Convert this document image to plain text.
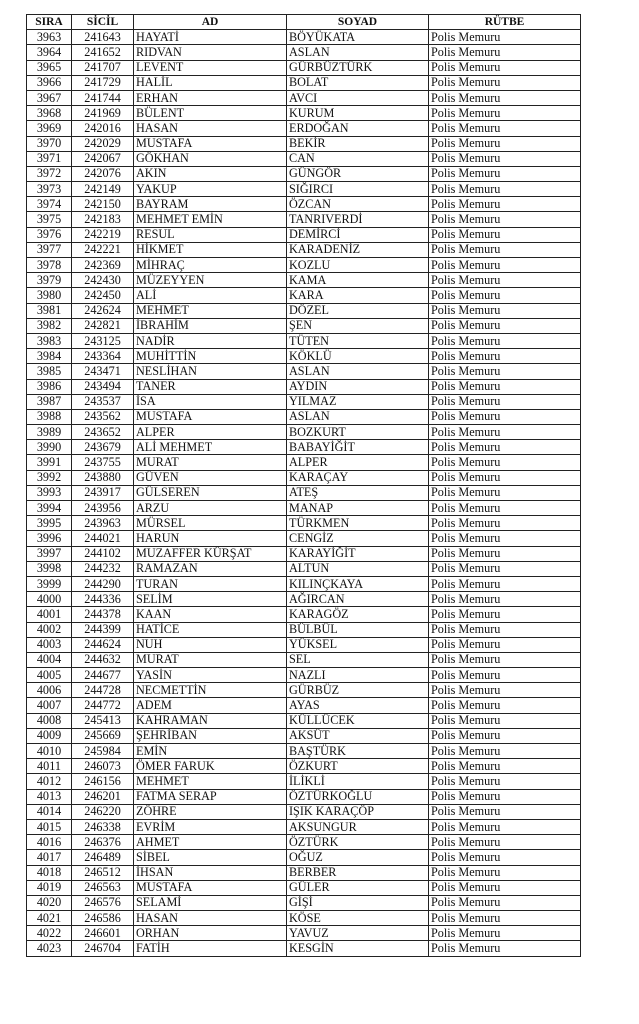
SIRA	SİCİL	AD	SOYAD	RÜTBE
3963	241643	HAYATİ	BÖYÜKATA	Polis Memuru
3964	241652	RIDVAN	ASLAN	Polis Memuru
3965	241707	LEVENT	GÜRBÜZTÜRK	Polis Memuru
3966	241729	HALİL	BOLAT	Polis Memuru
3967	241744	ERHAN	AVCI	Polis Memuru
3968	241969	BÜLENT	KURUM	Polis Memuru
3969	242016	HASAN	ERDOĞAN	Polis Memuru
3970	242029	MUSTAFA	BEKİR	Polis Memuru
3971	242067	GÖKHAN	CAN	Polis Memuru
3972	242076	AKIN	GÜNGÖR	Polis Memuru
3973	242149	YAKUP	SIĞIRCI	Polis Memuru
3974	242150	BAYRAM	ÖZCAN	Polis Memuru
3975	242183	MEHMET EMİN	TANRIVERDİ	Polis Memuru
3976	242219	RESUL	DEMİRCİ	Polis Memuru
3977	242221	HİKMET	KARADENİZ	Polis Memuru
3978	242369	MİHRAÇ	KOZLU	Polis Memuru
3979	242430	MÜZEYYEN	KAMA	Polis Memuru
3980	242450	ALİ	KARA	Polis Memuru
3981	242624	MEHMET	DÖZEL	Polis Memuru
3982	242821	İBRAHİM	ŞEN	Polis Memuru
3983	243125	NADİR	TÜTEN	Polis Memuru
3984	243364	MUHİTTİN	KÖKLÜ	Polis Memuru
3985	243471	NESLİHAN	ASLAN	Polis Memuru
3986	243494	TANER	AYDIN	Polis Memuru
3987	243537	İSA	YILMAZ	Polis Memuru
3988	243562	MUSTAFA	ASLAN	Polis Memuru
3989	243652	ALPER	BOZKURT	Polis Memuru
3990	243679	ALİ MEHMET	BABAYİĞİT	Polis Memuru
3991	243755	MURAT	ALPER	Polis Memuru
3992	243880	GÜVEN	KARAÇAY	Polis Memuru
3993	243917	GÜLSEREN	ATEŞ	Polis Memuru
3994	243956	ARZU	MANAP	Polis Memuru
3995	243963	MÜRSEL	TÜRKMEN	Polis Memuru
3996	244021	HARUN	CENGİZ	Polis Memuru
3997	244102	MUZAFFER KÜRŞAT	KARAYİĞİT	Polis Memuru
3998	244232	RAMAZAN	ALTUN	Polis Memuru
3999	244290	TURAN	KILINÇKAYA	Polis Memuru
4000	244336	SELİM	AĞIRCAN	Polis Memuru
4001	244378	KAAN	KARAGÖZ	Polis Memuru
4002	244399	HATİCE	BÜLBÜL	Polis Memuru
4003	244624	NUH	YÜKSEL	Polis Memuru
4004	244632	MURAT	SEL	Polis Memuru
4005	244677	YASİN	NAZLI	Polis Memuru
4006	244728	NECMETTİN	GÜRBÜZ	Polis Memuru
4007	244772	ADEM	AYAS	Polis Memuru
4008	245413	KAHRAMAN	KÜLLÜCEK	Polis Memuru
4009	245669	ŞEHRİBAN	AKSÜT	Polis Memuru
4010	245984	EMİN	BAŞTÜRK	Polis Memuru
4011	246073	ÖMER FARUK	ÖZKURT	Polis Memuru
4012	246156	MEHMET	İLİKLİ	Polis Memuru
4013	246201	FATMA SERAP	ÖZTÜRKOĞLU	Polis Memuru
4014	246220	ZÖHRE	IŞIK KARAÇÖP	Polis Memuru
4015	246338	EVRİM	AKSUNGUR	Polis Memuru
4016	246376	AHMET	ÖZTÜRK	Polis Memuru
4017	246489	SİBEL	OĞUZ	Polis Memuru
4018	246512	İHSAN	BERBER	Polis Memuru
4019	246563	MUSTAFA	GÜLER	Polis Memuru
4020	246576	SELAMİ	GİŞİ	Polis Memuru
4021	246586	HASAN	KÖSE	Polis Memuru
4022	246601	ORHAN	YAVUZ	Polis Memuru
4023	246704	FATİH	KESGİN	Polis Memuru
